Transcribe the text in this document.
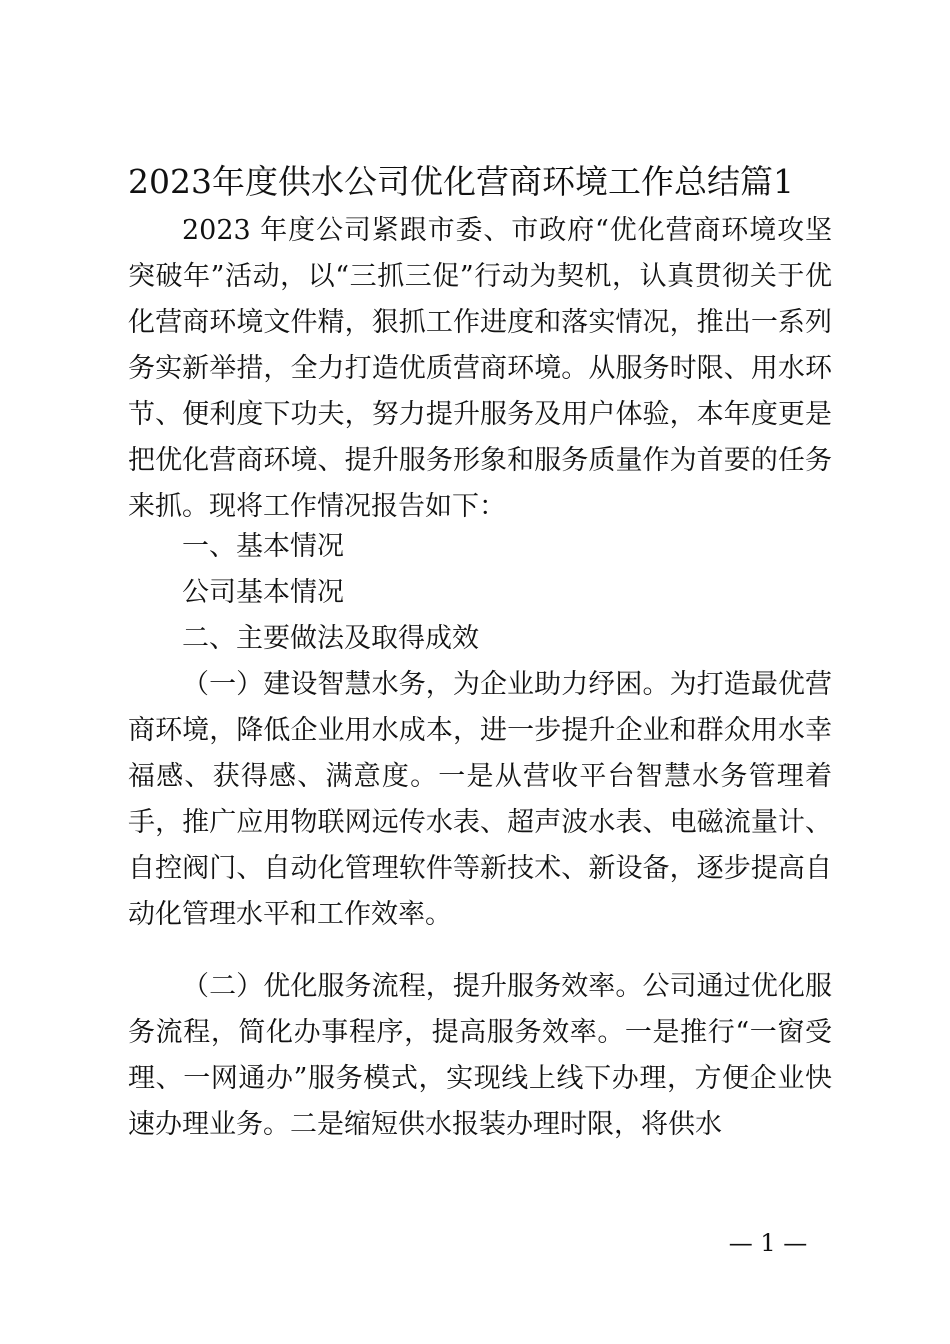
2023年度供水公司优化营商环境工作总结篇1
2023 年度公司紧跟市委、市政府“优化营商环境攻坚突破年”活动，以“三抓三促”行动为契机，认真贯彻关于优化营商环境文件精，狠抓工作进度和落实情况，推出一系列务实新举措，全力打造优质营商环境。从服务时限、用水环节、便利度下功夫，努力提升服务及用户体验，本年度更是把优化营商环境、提升服务形象和服务质量作为首要的任务来抓。现将工作情况报告如下：
一、基本情况
公司基本情况
二、主要做法及取得成效
（一）建设智慧水务，为企业助力纾困。为打造最优营商环境，降低企业用水成本，进一步提升企业和群众用水幸福感、获得感、满意度。一是从营收平台智慧水务管理着手，推广应用物联网远传水表、超声波水表、电磁流量计、自控阀门、自动化管理软件等新技术、新设备，逐步提高自动化管理水平和工作效率。
（二）优化服务流程，提升服务效率。公司通过优化服务流程，简化办事程序，提高服务效率。一是推行“一窗受理、一网通办”服务模式，实现线上线下办理，方便企业快速办理业务。二是缩短供水报装办理时限，将供水
— 1 —
